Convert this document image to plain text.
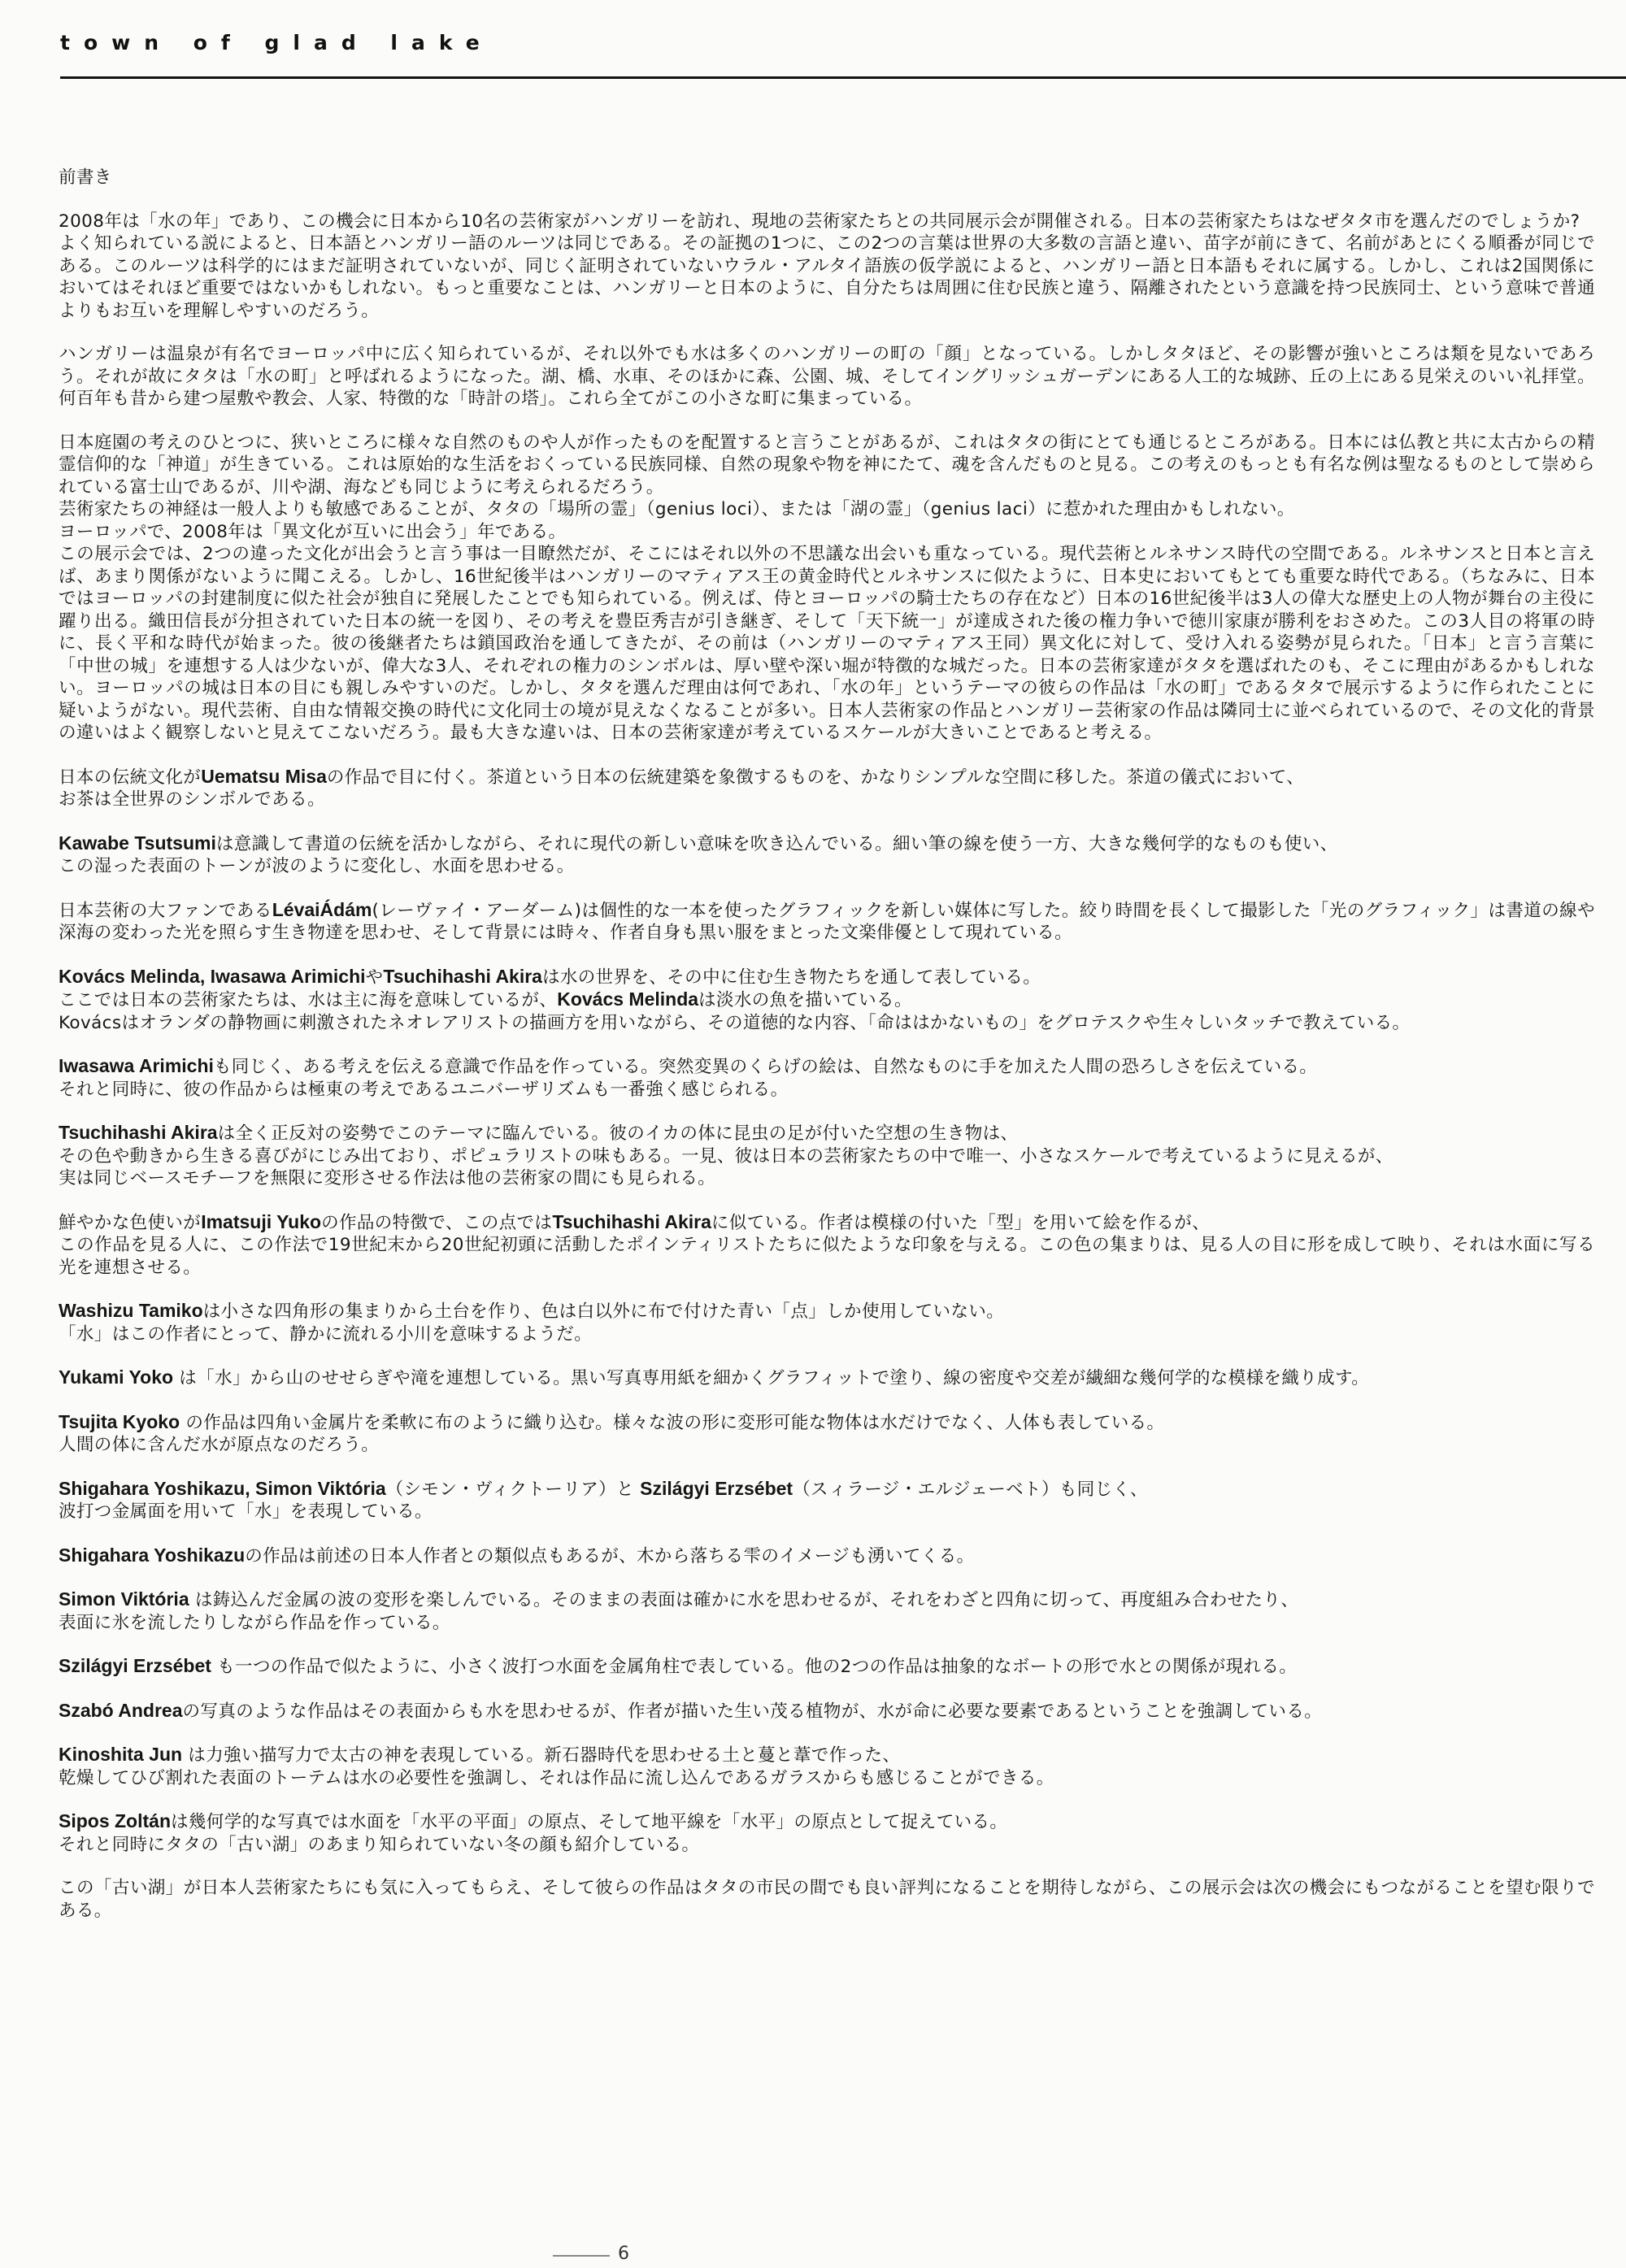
town of glad lake

前書き

2008年は「水の年」であり、この機会に日本から10名の芸術家がハンガリーを訪れ、現地の芸術家たちとの共同展示会が開催される。日本の芸術家たちはなぜタタ市を選んだのでしょうか?

よく知られている説によると、日本語とハンガリー語のルーツは同じである。その証拠の1つに、この2つの言葉は世界の大多数の言語と違い、苗字が前にきて、名前があとにくる順番が同じである。このルーツは科学的にはまだ証明されていないが、同じく証明されていないウラル・アルタイ語族の仮学説によると、ハンガリー語と日本語もそれに属する。しかし、これは2国関係においてはそれほど重要ではないかもしれない。もっと重要なことは、ハンガリーと日本のように、自分たちは周囲に住む民族と違う、隔離されたという意識を持つ民族同士、という意味で普通よりもお互いを理解しやすいのだろう。

ハンガリーは温泉が有名でヨーロッパ中に広く知られているが、それ以外でも水は多くのハンガリーの町の「顔」となっている。しかしタタほど、その影響が強いところは類を見ないであろう。それが故にタタは「水の町」と呼ばれるようになった。湖、橋、水車、そのほかに森、公園、城、そしてイングリッシュガーデンにある人工的な城跡、丘の上にある見栄えのいい礼拝堂。何百年も昔から建つ屋敷や教会、人家、特徴的な「時計の塔」。これら全てがこの小さな町に集まっている。

日本庭園の考えのひとつに、狭いところに様々な自然のものや人が作ったものを配置すると言うことがあるが、これはタタの街にとても通じるところがある。日本には仏教と共に太古からの精霊信仰的な「神道」が生きている。これは原始的な生活をおくっている民族同様、自然の現象や物を神にたて、魂を含んだものと見る。この考えのもっとも有名な例は聖なるものとして崇められている富士山であるが、川や湖、海なども同じように考えられるだろう。

芸術家たちの神経は一般人よりも敏感であることが、タタの「場所の霊」（genius loci）、または「湖の霊」（genius laci）に惹かれた理由かもしれない。

ヨーロッパで、2008年は「異文化が互いに出会う」年である。

この展示会では、2つの違った文化が出会うと言う事は一目瞭然だが、そこにはそれ以外の不思議な出会いも重なっている。現代芸術とルネサンス時代の空間である。ルネサンスと日本と言えば、あまり関係がないように聞こえる。しかし、16世紀後半はハンガリーのマティアス王の黄金時代とルネサンスに似たように、日本史においてもとても重要な時代である。（ちなみに、日本ではヨーロッパの封建制度に似た社会が独自に発展したことでも知られている。例えば、侍とヨーロッパの騎士たちの存在など）日本の16世紀後半は3人の偉大な歴史上の人物が舞台の主役に躍り出る。織田信長が分担されていた日本の統一を図り、その考えを豊臣秀吉が引き継ぎ、そして「天下統一」が達成された後の権力争いで徳川家康が勝利をおさめた。この3人目の将軍の時に、長く平和な時代が始まった。彼の後継者たちは鎖国政治を通してきたが、その前は（ハンガリーのマティアス王同）異文化に対して、受け入れる姿勢が見られた。「日本」と言う言葉に「中世の城」を連想する人は少ないが、偉大な3人、それぞれの権力のシンボルは、厚い壁や深い堀が特徴的な城だった。日本の芸術家達がタタを選ばれたのも、そこに理由があるかもしれない。ヨーロッパの城は日本の目にも親しみやすいのだ。しかし、タタを選んだ理由は何であれ、「水の年」というテーマの彼らの作品は「水の町」であるタタで展示するように作られたことに疑いようがない。現代芸術、自由な情報交換の時代に文化同士の境が見えなくなることが多い。日本人芸術家の作品とハンガリー芸術家の作品は隣同士に並べられているので、その文化的背景の違いはよく観察しないと見えてこないだろう。最も大きな違いは、日本の芸術家達が考えているスケールが大きいことであると考える。

日本の伝統文化がUematsu Misaの作品で目に付く。茶道という日本の伝統建築を象徴するものを、かなりシンプルな空間に移した。茶道の儀式において、
お茶は全世界のシンボルである。

Kawabe Tsutsumiは意識して書道の伝統を活かしながら、それに現代の新しい意味を吹き込んでいる。細い筆の線を使う一方、大きな幾何学的なものも使い、
この湿った表面のトーンが波のように変化し、水面を思わせる。

日本芸術の大ファンであるLévaiÁdám(レーヴァイ・アーダーム)は個性的な一本を使ったグラフィックを新しい媒体に写した。絞り時間を長くして撮影した「光のグラフィック」は書道の線や深海の変わった光を照らす生き物達を思わせ、そして背景には時々、作者自身も黒い服をまとった文楽俳優として現れている。

Kovács Melinda, Iwasawa ArimichiやTsuchihashi Akiraは水の世界を、その中に住む生き物たちを通して表している。
ここでは日本の芸術家たちは、水は主に海を意味しているが、Kovács Melindaは淡水の魚を描いている。
Kovácsはオランダの静物画に刺激されたネオレアリストの描画方を用いながら、その道徳的な内容、「命ははかないもの」をグロテスクや生々しいタッチで教えている。

Iwasawa Arimichiも同じく、ある考えを伝える意識で作品を作っている。突然変異のくらげの絵は、自然なものに手を加えた人間の恐ろしさを伝えている。
それと同時に、彼の作品からは極東の考えであるユニバーザリズムも一番強く感じられる。

Tsuchihashi Akiraは全く正反対の姿勢でこのテーマに臨んでいる。彼のイカの体に昆虫の足が付いた空想の生き物は、
その色や動きから生きる喜びがにじみ出ており、ポピュラリストの味もある。一見、彼は日本の芸術家たちの中で唯一、小さなスケールで考えているように見えるが、
実は同じベースモチーフを無限に変形させる作法は他の芸術家の間にも見られる。

鮮やかな色使いがImatsuji Yukoの作品の特徴で、この点ではTsuchihashi Akiraに似ている。作者は模様の付いた「型」を用いて絵を作るが、
この作品を見る人に、この作法で19世紀末から20世紀初頭に活動したポインティリストたちに似たような印象を与える。この色の集まりは、見る人の目に形を成して映り、それは水面に写る光を連想させる。

Washizu Tamikoは小さな四角形の集まりから土台を作り、色は白以外に布で付けた青い「点」しか使用していない。
「水」はこの作者にとって、静かに流れる小川を意味するようだ。

Yukami Yoko は「水」から山のせせらぎや滝を連想している。黒い写真専用紙を細かくグラフィットで塗り、線の密度や交差が繊細な幾何学的な模様を織り成す。

Tsujita Kyoko の作品は四角い金属片を柔軟に布のように織り込む。様々な波の形に変形可能な物体は水だけでなく、人体も表している。
人間の体に含んだ水が原点なのだろう。

Shigahara Yoshikazu, Simon Viktória（シモン・ヴィクトーリア）と Szilágyi Erzsébet（スィラージ・エルジェーベト）も同じく、
波打つ金属面を用いて「水」を表現している。

Shigahara Yoshikazuの作品は前述の日本人作者との類似点もあるが、木から落ちる雫のイメージも湧いてくる。

Simon Viktória は鋳込んだ金属の波の変形を楽しんでいる。そのままの表面は確かに水を思わせるが、それをわざと四角に切って、再度組み合わせたり、
表面に氷を流したりしながら作品を作っている。

Szilágyi Erzsébet も一つの作品で似たように、小さく波打つ水面を金属角柱で表している。他の2つの作品は抽象的なボートの形で水との関係が現れる。

Szabó Andreaの写真のような作品はその表面からも水を思わせるが、作者が描いた生い茂る植物が、水が命に必要な要素であるということを強調している。

Kinoshita Jun は力強い描写力で太古の神を表現している。新石器時代を思わせる土と蔓と葦で作った、
乾燥してひび割れた表面のトーテムは水の必要性を強調し、それは作品に流し込んであるガラスからも感じることができる。

Sipos Zoltánは幾何学的な写真では水面を「水平の平面」の原点、そして地平線を「水平」の原点として捉えている。
それと同時にタタの「古い湖」のあまり知られていない冬の顔も紹介している。

この「古い湖」が日本人芸術家たちにも気に入ってもらえ、そして彼らの作品はタタの市民の間でも良い評判になることを期待しながら、この展示会は次の機会にもつながることを望む限りである。

6
